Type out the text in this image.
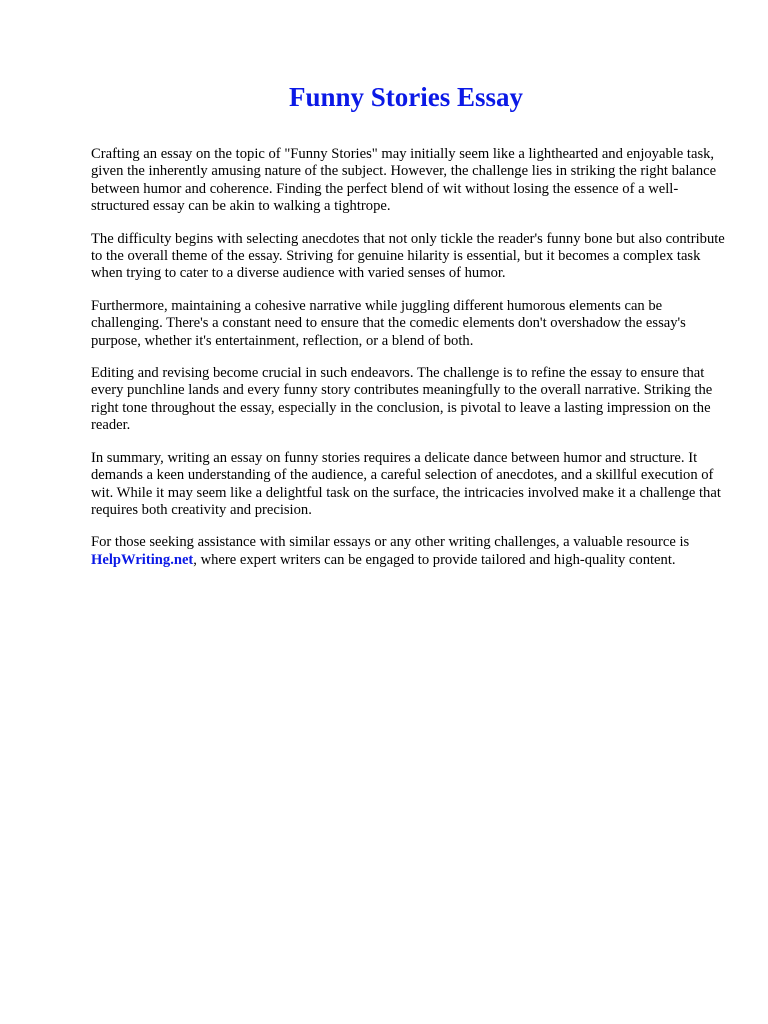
Funny Stories Essay

Crafting an essay on the topic of "Funny Stories" may initially seem like a lighthearted and enjoyable task, given the inherently amusing nature of the subject. However, the challenge lies in striking the right balance between humor and coherence. Finding the perfect blend of wit without losing the essence of a well-structured essay can be akin to walking a tightrope.

The difficulty begins with selecting anecdotes that not only tickle the reader's funny bone but also contribute to the overall theme of the essay. Striving for genuine hilarity is essential, but it becomes a complex task when trying to cater to a diverse audience with varied senses of humor.

Furthermore, maintaining a cohesive narrative while juggling different humorous elements can be challenging. There's a constant need to ensure that the comedic elements don't overshadow the essay's purpose, whether it's entertainment, reflection, or a blend of both.

Editing and revising become crucial in such endeavors. The challenge is to refine the essay to ensure that every punchline lands and every funny story contributes meaningfully to the overall narrative. Striking the right tone throughout the essay, especially in the conclusion, is pivotal to leave a lasting impression on the reader.

In summary, writing an essay on funny stories requires a delicate dance between humor and structure. It demands a keen understanding of the audience, a careful selection of anecdotes, and a skillful execution of wit. While it may seem like a delightful task on the surface, the intricacies involved make it a challenge that requires both creativity and precision.

For those seeking assistance with similar essays or any other writing challenges, a valuable resource is HelpWriting.net, where expert writers can be engaged to provide tailored and high-quality content.
